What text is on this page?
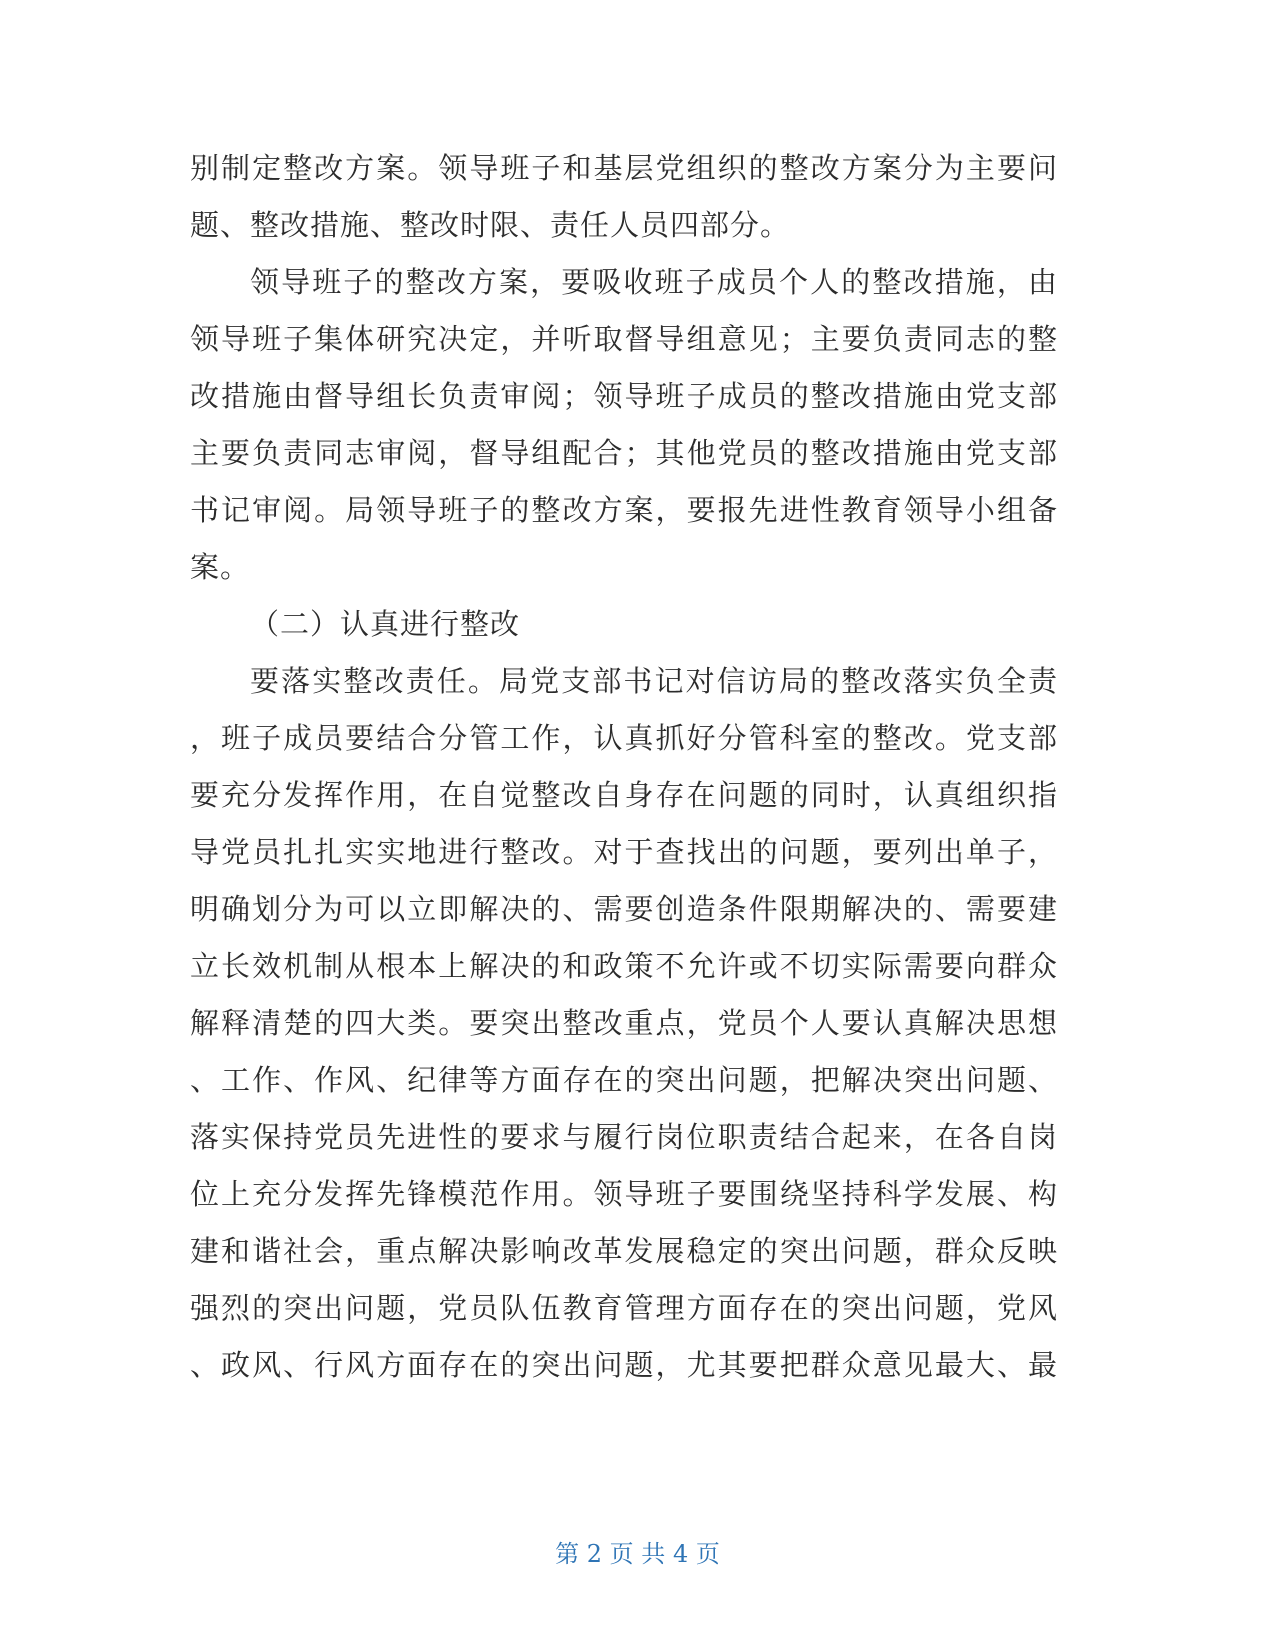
别制定整改方案。领导班子和基层党组织的整改方案分为主要问

题、整改措施、整改时限、责任人员四部分。

领导班子的整改方案，要吸收班子成员个人的整改措施，由

领导班子集体研究决定，并听取督导组意见；主要负责同志的整

改措施由督导组长负责审阅；领导班子成员的整改措施由党支部

主要负责同志审阅，督导组配合；其他党员的整改措施由党支部

书记审阅。局领导班子的整改方案，要报先进性教育领导小组备

案。

（二）认真进行整改

要落实整改责任。局党支部书记对信访局的整改落实负全责

，班子成员要结合分管工作，认真抓好分管科室的整改。党支部

要充分发挥作用，在自觉整改自身存在问题的同时，认真组织指

导党员扎扎实实地进行整改。对于查找出的问题，要列出单子，

明确划分为可以立即解决的、需要创造条件限期解决的、需要建

立长效机制从根本上解决的和政策不允许或不切实际需要向群众

解释清楚的四大类。要突出整改重点，党员个人要认真解决思想

、工作、作风、纪律等方面存在的突出问题，把解决突出问题、

落实保持党员先进性的要求与履行岗位职责结合起来，在各自岗

位上充分发挥先锋模范作用。领导班子要围绕坚持科学发展、构

建和谐社会，重点解决影响改革发展稳定的突出问题，群众反映

强烈的突出问题，党员队伍教育管理方面存在的突出问题，党风

、政风、行风方面存在的突出问题，尤其要把群众意见最大、最

第 2 页 共 4 页
